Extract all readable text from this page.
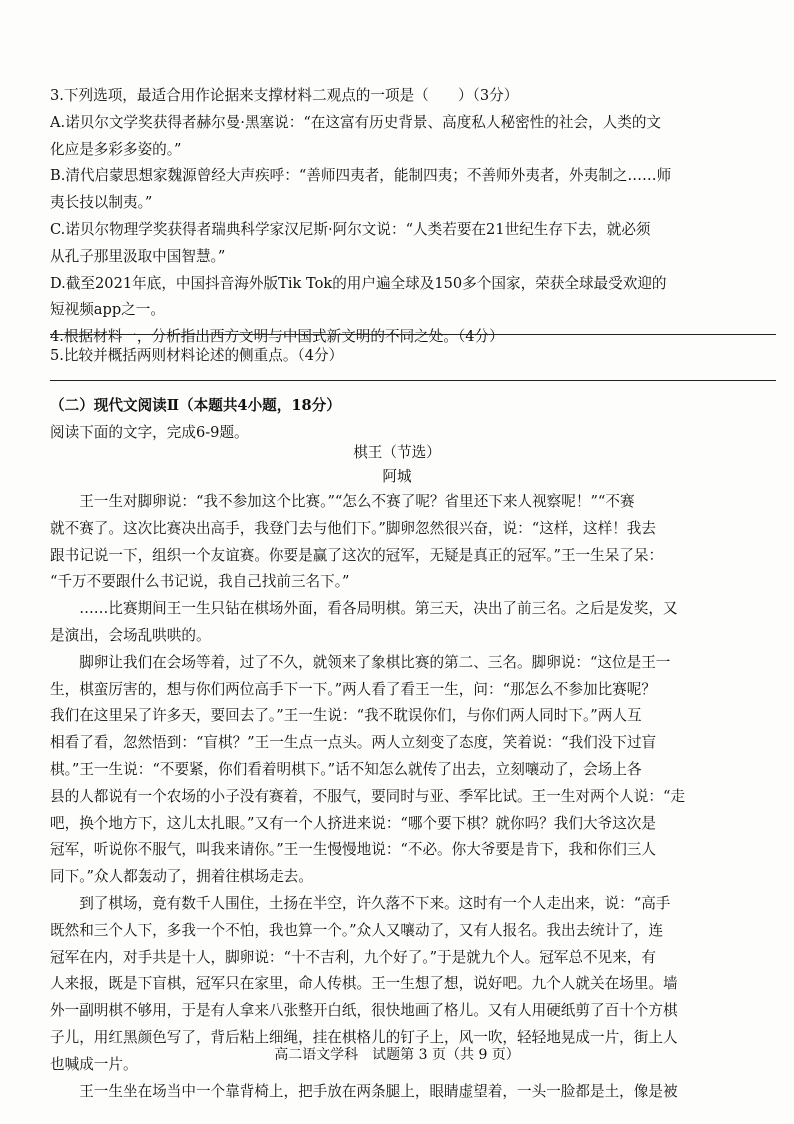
3.下列选项，最适合用作论据来支撑材料二观点的一项是（　　）（3分）
A.诺贝尔文学奖获得者赫尔曼·黑塞说：“在这富有历史背景、高度私人秘密性的社会，人类的文
化应是多彩多姿的。”
B.清代启蒙思想家魏源曾经大声疾呼：“善师四夷者，能制四夷；不善师外夷者，外夷制之……师
夷长技以制夷。”
C.诺贝尔物理学奖获得者瑞典科学家汉尼斯·阿尔文说：“人类若要在21世纪生存下去，就必须
从孔子那里汲取中国智慧。”
D.截至2021年底，中国抖音海外版Tik Tok的用户遍全球及150多个国家，荣获全球最受欢迎的
短视频app之一。
4.根据材料一，分析指出西方文明与中国式新文明的不同之处。（4分）
5.比较并概括两则材料论述的侧重点。（4分）
（二）现代文阅读Ⅱ（本题共4小题，18分）
阅读下面的文字，完成6-9题。
棋王（节选）
阿城
王一生对脚卵说：“我不参加这个比赛。”“怎么不赛了呢？省里还下来人视察呢！”“不赛
就不赛了。这次比赛决出高手，我登门去与他们下。”脚卵忽然很兴奋，说：“这样，这样！我去
跟书记说一下，组织一个友谊赛。你要是赢了这次的冠军，无疑是真正的冠军。”王一生呆了呆：
“千万不要跟什么书记说，我自己找前三名下。”
……比赛期间王一生只钻在棋场外面，看各局明棋。第三天，决出了前三名。之后是发奖，又
是演出，会场乱哄哄的。
脚卵让我们在会场等着，过了不久，就领来了象棋比赛的第二、三名。脚卵说：“这位是王一
生，棋蛮厉害的，想与你们两位高手下一下。”两人看了看王一生，问：“那怎么不参加比赛呢？
我们在这里呆了许多天，要回去了。”王一生说：“我不耽误你们，与你们两人同时下。”两人互
相看了看，忽然悟到：“盲棋？”王一生点一点头。两人立刻变了态度，笑着说：“我们没下过盲
棋。”王一生说：“不要紧，你们看着明棋下。”话不知怎么就传了出去，立刻嚷动了，会场上各
县的人都说有一个农场的小子没有赛着，不服气，要同时与亚、季军比试。王一生对两个人说：“走
吧，换个地方下，这儿太扎眼。”又有一个人挤进来说：“哪个要下棋？就你吗？我们大爷这次是
冠军，听说你不服气，叫我来请你。”王一生慢慢地说：“不必。你大爷要是肯下，我和你们三人
同下。”众人都轰动了，拥着往棋场走去。
到了棋场，竟有数千人围住，土扬在半空，许久落不下来。这时有一个人走出来，说：“高手
既然和三个人下，多我一个不怕，我也算一个。”众人又嚷动了，又有人报名。我出去统计了，连
冠军在内，对手共是十人，脚卵说：“十不吉利，九个好了。”于是就九个人。冠军总不见来，有
人来报，既是下盲棋，冠军只在家里，命人传棋。王一生想了想，说好吧。九个人就关在场里。墙
外一副明棋不够用，于是有人拿来八张整开白纸，很快地画了格儿。又有人用硬纸剪了百十个方棋
子儿，用红黑颜色写了，背后粘上细绳，挂在棋格儿的钉子上，风一吹，轻轻地晃成一片，街上人
也喊成一片。
王一生坐在场当中一个靠背椅上，把手放在两条腿上，眼睛虚望着，一头一脸都是土，像是被
高二语文学科　试题第 3 页（共 9 页）
